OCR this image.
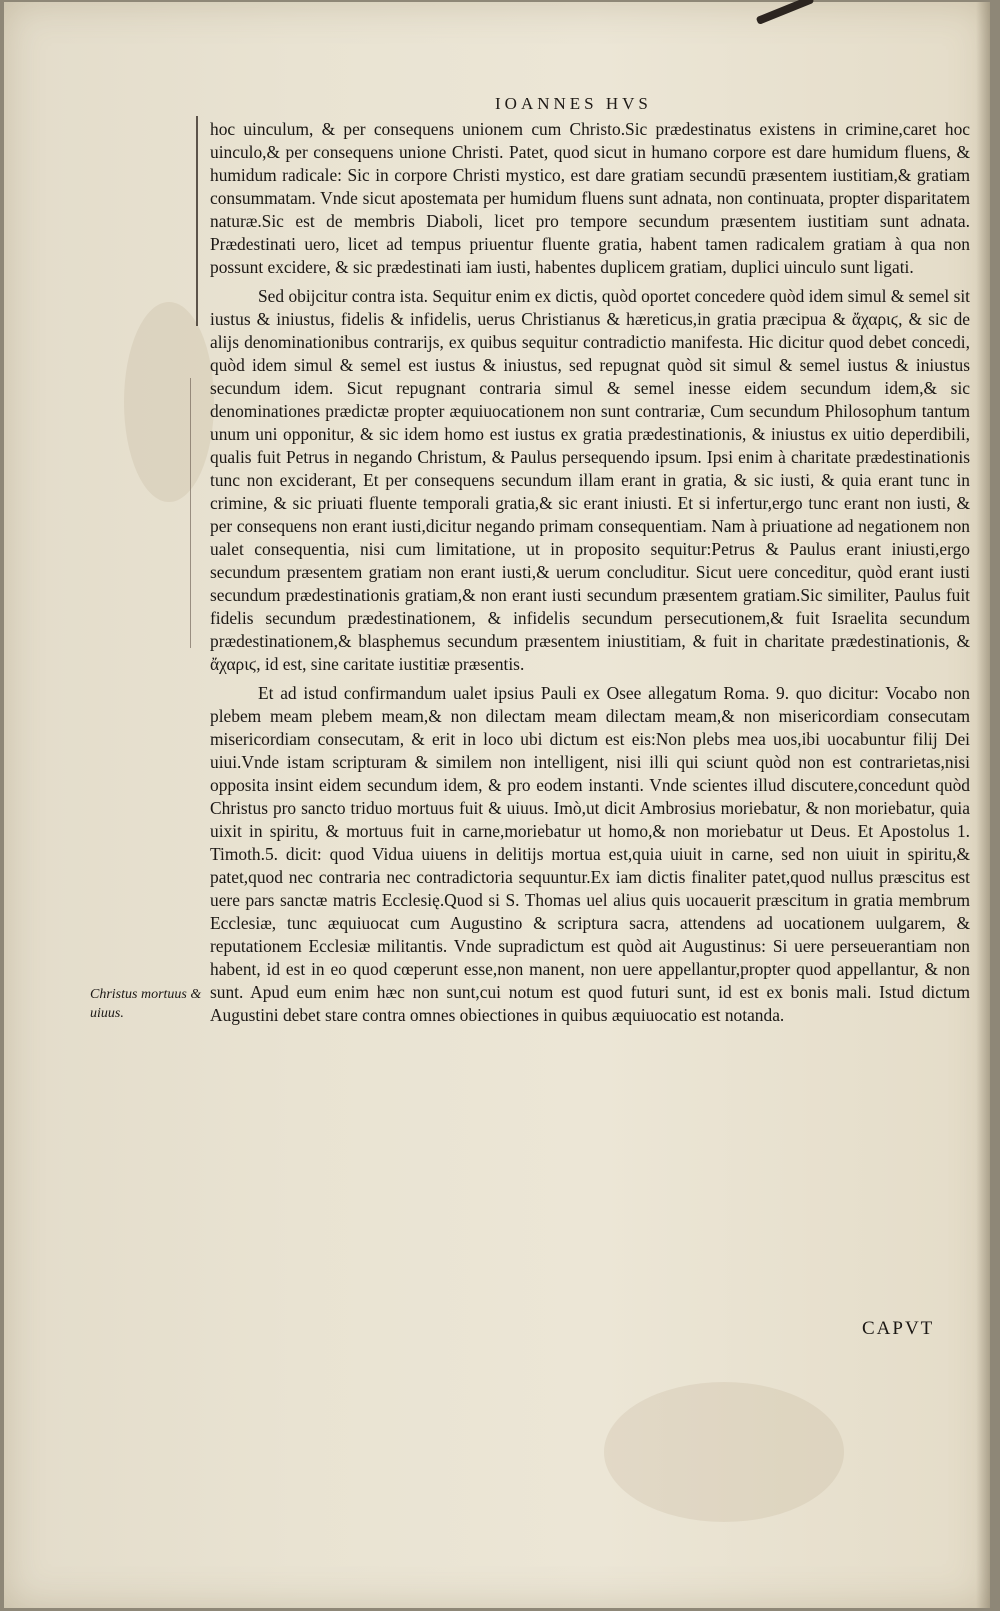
IOANNES HVS

hoc uinculum, & per consequens unionem cum Christo.Sic prædestinatus existens in crimine,caret hoc uinculo,& per consequens unione Christi. Patet, quod sicut in humano corpore est dare humidum fluens, & humidum radicale: Sic in corpore Christi mystico, est dare gratiam secundū præsentem iustitiam,& gratiam consummatam. Vnde sicut apostemata per humidum fluens sunt adnata, non continuata, propter disparitatem naturæ.Sic est de membris Diaboli, licet pro tempore secundum præsentem iustitiam sunt adnata. Prædestinati uero, licet ad tempus priuentur fluente gratia, habent tamen radicalem gratiam à qua non possunt excidere, & sic prædestinati iam iusti, habentes duplicem gratiam, duplici uinculo sunt ligati.

Sed obijcitur contra ista. Sequitur enim ex dictis, quòd oportet concedere quòd idem simul & semel sit iustus & iniustus, fidelis & infidelis, uerus Christianus & hæreticus,in gratia præcipua & ἄχαριϛ, & sic de alijs denominationibus contrarijs, ex quibus sequitur contradictio manifesta. Hic dicitur quod debet concedi, quòd idem simul & semel est iustus & iniustus, sed repugnat quòd sit simul & semel iustus & iniustus secundum idem. Sicut repugnant contraria simul & semel inesse eidem secundum idem,& sic denominationes prædictæ propter æquiuocationem non sunt contrariæ, Cum secundum Philosophum tantum unum uni opponitur, & sic idem homo est iustus ex gratia prædestinationis, & iniustus ex uitio deperdibili, qualis fuit Petrus in negando Christum, & Paulus persequendo ipsum. Ipsi enim à charitate prædestinationis tunc non exciderant, Et per consequens secundum illam erant in gratia, & sic iusti, & quia erant tunc in crimine, & sic priuati fluente temporali gratia,& sic erant iniusti. Et si infertur,ergo tunc erant non iusti, & per consequens non erant iusti,dicitur negando primam consequentiam. Nam à priuatione ad negationem non ualet consequentia, nisi cum limitatione, ut in proposito sequitur:Petrus & Paulus erant iniusti,ergo secundum præsentem gratiam non erant iusti,& uerum concluditur. Sicut uere conceditur, quòd erant iusti secundum prædestinationis gratiam,& non erant iusti secundum præsentem gratiam.Sic similiter, Paulus fuit fidelis secundum prædestinationem, & infidelis secundum persecutionem,& fuit Israelita secundum prædestinationem,& blasphemus secundum præsentem iniustitiam, & fuit in charitate prædestinationis, & ἄχαριϛ, id est, sine caritate iustitiæ præsentis.

Et ad istud confirmandum ualet ipsius Pauli ex Osee allegatum Roma. 9. quo dicitur: Vocabo non plebem meam plebem meam,& non dilectam meam dilectam meam,& non misericordiam consecutam misericordiam consecutam, & erit in loco ubi dictum est eis:Non plebs mea uos,ibi uocabuntur filij Dei uiui.Vnde istam scripturam & similem non intelligent, nisi illi qui sciunt quòd non est contrarietas,nisi opposita insint eidem secundum idem, & pro eodem instanti. Vnde scientes illud discutere,concedunt quòd Christus pro sancto triduo mortuus fuit & uiuus. Imò,ut dicit Ambrosius moriebatur, & non moriebatur, quia uixit in spiritu, & mortuus fuit in carne,moriebatur ut homo,& non moriebatur ut Deus. Et Apostolus 1. Timoth.5. dicit: quod Vidua uiuens in delitijs mortua est,quia uiuit in carne, sed non uiuit in spiritu,& patet,quod nec contraria nec contradictoria sequuntur.Ex iam dictis finaliter patet,quod nullus præscitus est uere pars sanctæ matris Ecclesię.Quod si S. Thomas uel alius quis uocauerit præscitum in gratia membrum Ecclesiæ, tunc æquiuocat cum Augustino & scriptura sacra, attendens ad uocationem uulgarem, & reputationem Ecclesiæ militantis. Vnde supradictum est quòd ait Augustinus: Si uere perseuerantiam non habent, id est in eo quod cœperunt esse,non manent, non uere appellantur,propter quod appellantur, & non sunt. Apud eum enim hæc non sunt,cui notum est quod futuri sunt, id est ex bonis mali. Istud dictum Augustini debet stare contra omnes obiectiones in quibus æquiuocatio est notanda.

Christus mortuus & uiuus.
CAPVT
